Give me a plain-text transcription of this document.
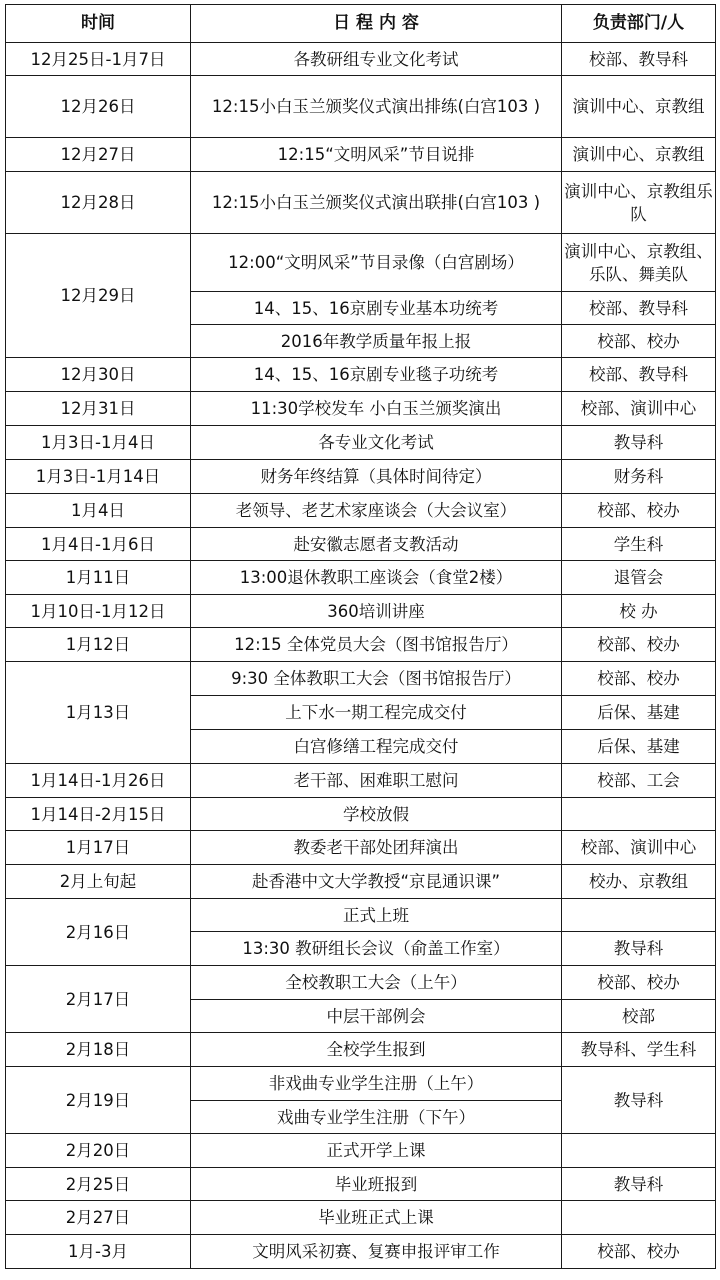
时间	日 程 内 容	负责部门/人
12月25日-1月7日	各教研组专业文化考试	校部、教导科
12月26日	12:15小白玉兰颁奖仪式演出排练(白宫103 )	演训中心、京教组
12月27日	12:15“文明风采”节目说排	演训中心、京教组
12月28日	12:15小白玉兰颁奖仪式演出联排(白宫103 )	演训中心、京教组乐队
12月29日	12:00“文明风采”节目录像（白宫剧场）	演训中心、京教组、乐队、舞美队
	14、15、16京剧专业基本功统考	校部、教导科
	2016年教学质量年报上报	校部、校办
12月30日	14、15、16京剧专业毯子功统考	校部、教导科
12月31日	11:30学校发车 小白玉兰颁奖演出	校部、演训中心
1月3日-1月4日	各专业文化考试	教导科
1月3日-1月14日	财务年终结算（具体时间待定）	财务科
1月4日	老领导、老艺术家座谈会（大会议室）	校部、校办
1月4日-1月6日	赴安徽志愿者支教活动	学生科
1月11日	13:00退休教职工座谈会（食堂2楼）	退管会
1月10日-1月12日	360培训讲座	校 办
1月12日	12:15 全体党员大会（图书馆报告厅）	校部、校办
1月13日	9:30 全体教职工大会（图书馆报告厅）	校部、校办
	上下水一期工程完成交付	后保、基建
	白宫修缮工程完成交付	后保、基建
1月14日-1月26日	老干部、困难职工慰问	校部、工会
1月14日-2月15日	学校放假	
1月17日	教委老干部处团拜演出	校部、演训中心
2月上旬起	赴香港中文大学教授“京昆通识课”	校办、京教组
2月16日	正式上班	
	13:30 教研组长会议（俞盖工作室）	教导科
2月17日	全校教职工大会（上午）	校部、校办
	中层干部例会	校部
2月18日	全校学生报到	教导科、学生科
2月19日	非戏曲专业学生注册（上午）	教导科
	戏曲专业学生注册（下午）	
2月20日	正式开学上课	
2月25日	毕业班报到	教导科
2月27日	毕业班正式上课	
1月-3月	文明风采初赛、复赛申报评审工作	校部、校办
